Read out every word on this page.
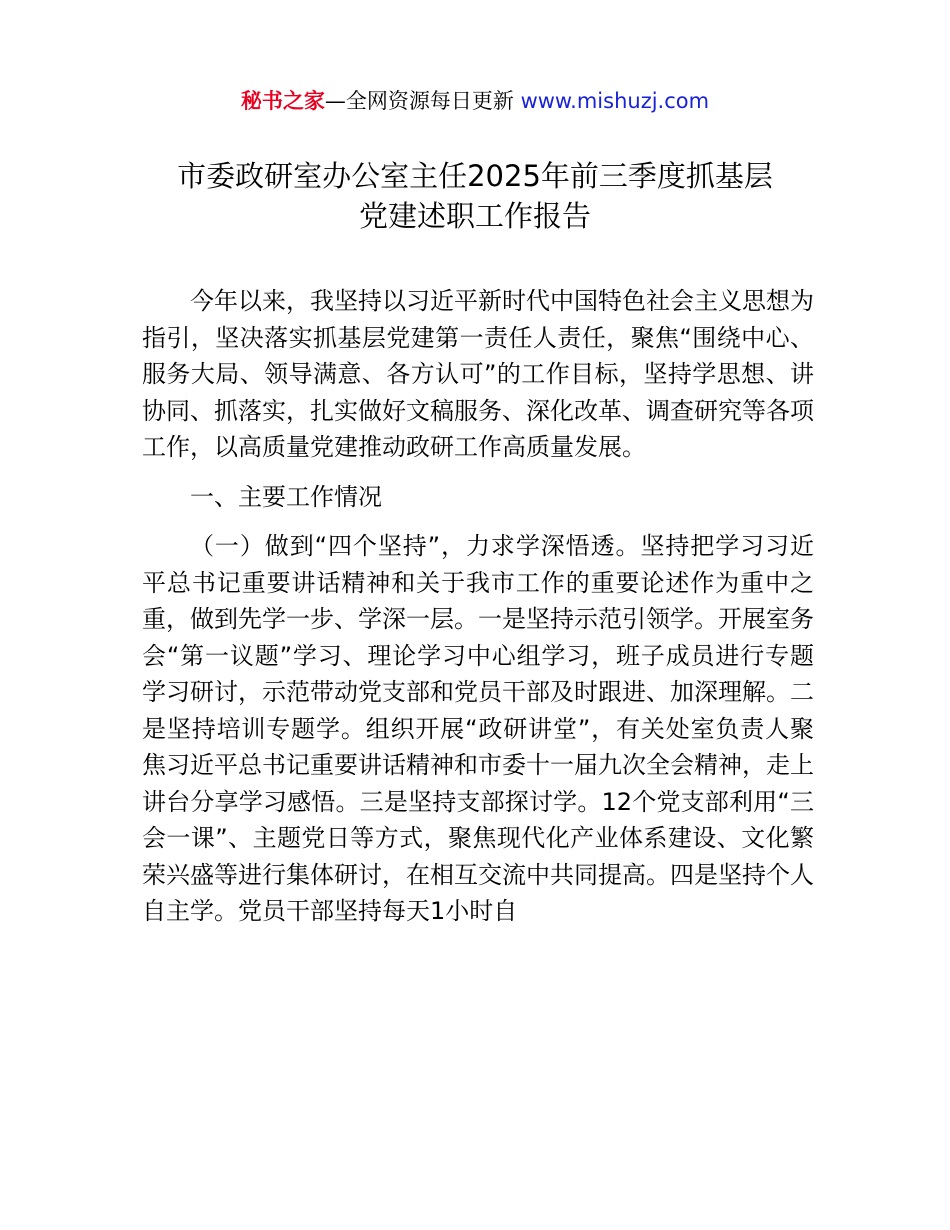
秘书之家—全网资源每日更新 www.mishuzj.com
市委政研室办公室主任2025年前三季度抓基层
党建述职工作报告

今年以来，我坚持以习近平新时代中国特色社会主义思想为指引，坚决落实抓基层党建第一责任人责任，聚焦“围绕中心、服务大局、领导满意、各方认可”的工作目标，坚持学思想、讲协同、抓落实，扎实做好文稿服务、深化改革、调查研究等各项工作，以高质量党建推动政研工作高质量发展。

一、主要工作情况

（一）做到“四个坚持”，力求学深悟透。坚持把学习习近平总书记重要讲话精神和关于我市工作的重要论述作为重中之重，做到先学一步、学深一层。一是坚持示范引领学。开展室务会“第一议题”学习、理论学习中心组学习，班子成员进行专题学习研讨，示范带动党支部和党员干部及时跟进、加深理解。二是坚持培训专题学。组织开展“政研讲堂”，有关处室负责人聚焦习近平总书记重要讲话精神和市委十一届九次全会精神，走上讲台分享学习感悟。三是坚持支部探讨学。12个党支部利用“三会一课”、主题党日等方式，聚焦现代化产业体系建设、文化繁荣兴盛等进行集体研讨，在相互交流中共同提高。四是坚持个人自主学。党员干部坚持每天1小时自
